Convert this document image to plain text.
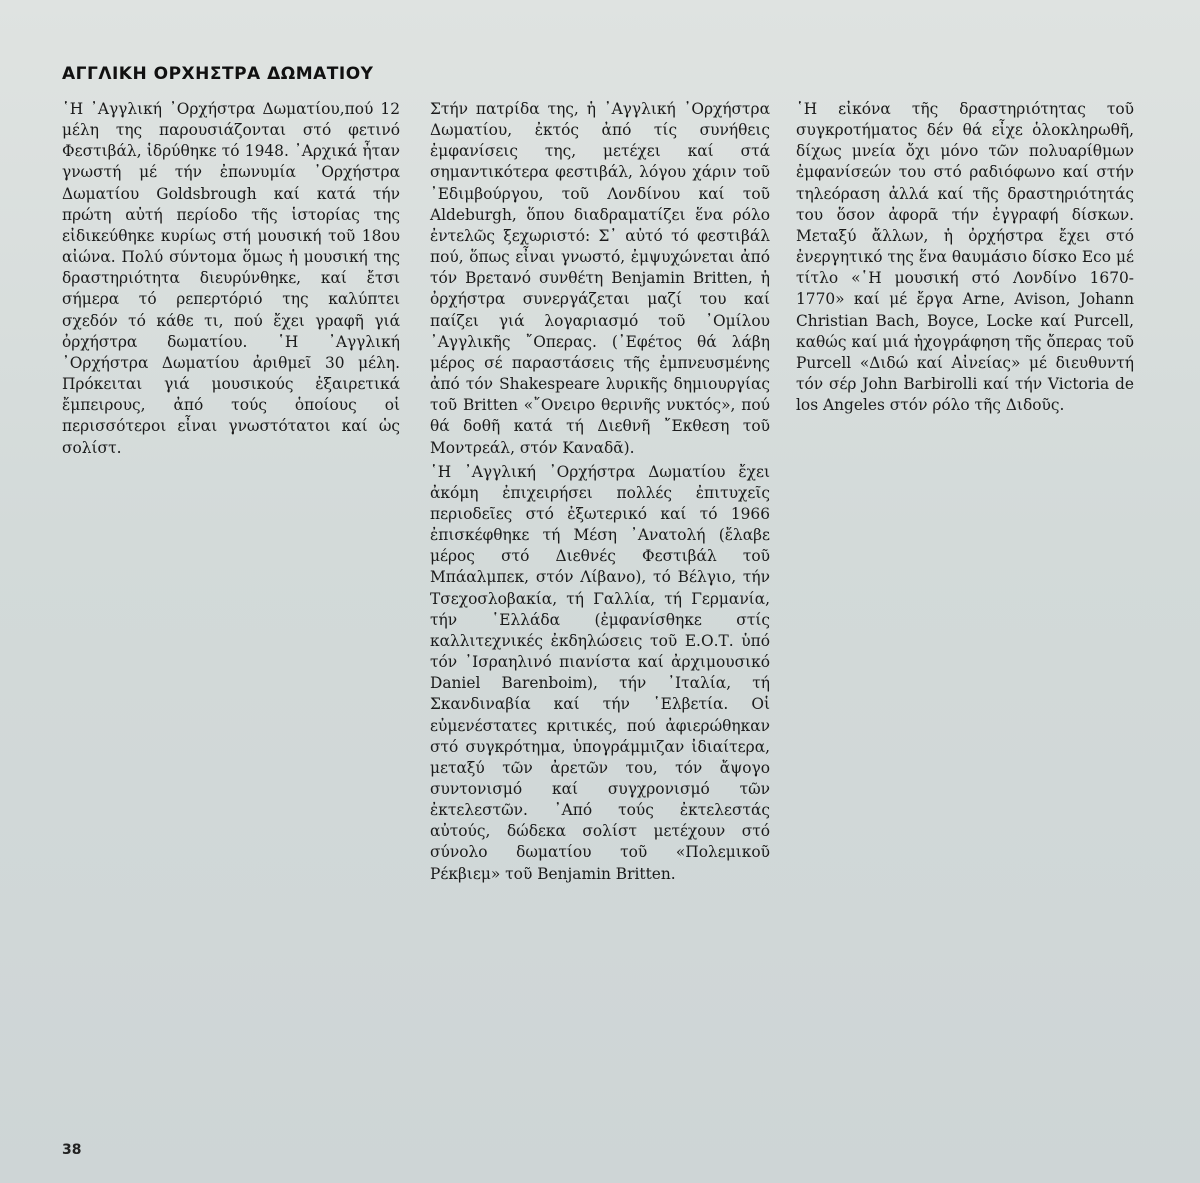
ΑΓΓΛΙΚΗ ΟΡΧΗΣΤΡΑ ΔΩΜΑΤΙΟΥ

῾Η ᾿Αγγλική ᾿Ορχήστρα Δωματίου,πού 12 μέλη της παρουσιάζονται στό φετινό Φεστιβάλ, ἱδρύθηκε τό 1948. ᾿Αρχικά ἦταν γνωστή μέ τήν ἐπωνυμία ᾿Ορχήστρα Δωματίου Goldsbrough καί κατά τήν πρώτη αὐτή περίοδο τῆς ἱστορίας της εἰδικεύθηκε κυρίως στή μουσική τοῦ 18ου αἰώνα. Πολύ σύντομα ὅμως ἡ μουσική της δραστηριότητα διευρύνθηκε, καί ἔτσι σήμερα τό ρεπερτόριό της καλύπτει σχεδόν τό κάθε τι, πού ἔχει γραφῆ γιά ὀρχήστρα δωματίου. ῾Η ᾿Αγγλική ᾿Ορχήστρα Δωματίου ἀριθμεῖ 30 μέλη. Πρόκειται γιά μουσικούς ἐξαιρετικά ἔμπειρους, ἀπό τούς ὁποίους οἱ περισσότεροι εἶναι γνωστότατοι καί ὡς σολίστ.

Στήν πατρίδα της, ἡ ᾿Αγγλική ᾿Ορχήστρα Δωματίου, ἐκτός ἀπό τίς συνήθεις ἐμφανίσεις της, μετέχει καί στά σημαντικότερα φεστιβάλ, λόγου χάριν τοῦ ᾿Εδιμβούργου, τοῦ Λονδίνου καί τοῦ Aldeburgh, ὅπου διαδραματίζει ἕνα ρόλο ἐντελῶς ξεχωριστό: Σ᾿ αὐτό τό φεστιβάλ πού, ὅπως εἶναι γνωστό, ἐμψυχώνεται ἀπό τόν Βρετανό συνθέτη Benjamin Britten, ἡ ὀρχήστρα συνεργάζεται μαζί του καί παίζει γιά λογαριασμό τοῦ ᾿Ομίλου ᾿Αγγλικῆς ῎Οπερας. (᾿Εφέτος θά λάβη μέρος σέ παραστάσεις τῆς ἐμπνευσμένης ἀπό τόν Shakespeare λυρικῆς δημιουργίας τοῦ Britten «῎Ονειρο θερινῆς νυκτός», πού θά δοθῆ κατά τή Διεθνῆ ῎Εκθεση τοῦ Μοντρεάλ, στόν Καναδᾶ).

῾Η ᾿Αγγλική ᾿Ορχήστρα Δωματίου ἔχει ἀκόμη ἐπιχειρήσει πολλές ἐπιτυχεῖς περιοδεῖες στό ἐξωτερικό καί τό 1966 ἐπισκέφθηκε τή Μέση ᾿Ανατολή (ἔλαβε μέρος στό Διεθνές Φεστιβάλ τοῦ Μπάαλμπεκ, στόν Λίβανο), τό Βέλγιο, τήν Τσεχοσλοβακία, τή Γαλλία, τή Γερμανία, τήν ῾Ελλάδα (ἐμφανίσθηκε στίς καλλιτεχνικές ἐκδηλώσεις τοῦ Ε.Ο.Τ. ὑπό τόν ᾿Ισραηλινό πιανίστα καί ἀρχιμουσικό Daniel Barenboim), τήν ᾿Ιταλία, τή Σκανδιναβία καί τήν ῾Ελβετία. Οἱ εὐμενέστατες κριτικές, πού ἀφιερώθηκαν στό συγκρότημα, ὑπογράμμιζαν ἰδιαίτερα, μεταξύ τῶν ἀρετῶν του, τόν ἄψογο συντονισμό καί συγχρονισμό τῶν ἐκτελεστῶν. ᾿Από τούς ἐκτελεστάς αὐτούς, δώδεκα σολίστ μετέχουν στό σύνολο δωματίου τοῦ «Πολεμικοῦ Ρέκβιεμ» τοῦ Benjamin Britten.

῾Η εἰκόνα τῆς δραστηριότητας τοῦ συγκροτήματος δέν θά εἶχε ὁλοκληρωθῆ, δίχως μνεία ὄχι μόνο τῶν πολυαρίθμων ἐμφανίσεών του στό ραδιόφωνο καί στήν τηλεόραση ἀλλά καί τῆς δραστηριότητάς του ὅσον ἀφορᾶ τήν ἐγγραφή δίσκων. Μεταξύ ἄλλων, ἡ ὀρχήστρα ἔχει στό ἐνεργητικό της ἕνα θαυμάσιο δίσκο Eco μέ τίτλο «῾Η μουσική στό Λονδίνο 1670-1770» καί μέ ἔργα Arne, Avison, Johann Christian Bach, Boyce, Locke καί Purcell, καθώς καί μιά ἠχογράφηση τῆς ὄπερας τοῦ Purcell «Διδώ καί Αἰνείας» μέ διευθυντή τόν σέρ John Barbirolli καί τήν Victoria de los Angeles στόν ρόλο τῆς Διδοῦς.

38
